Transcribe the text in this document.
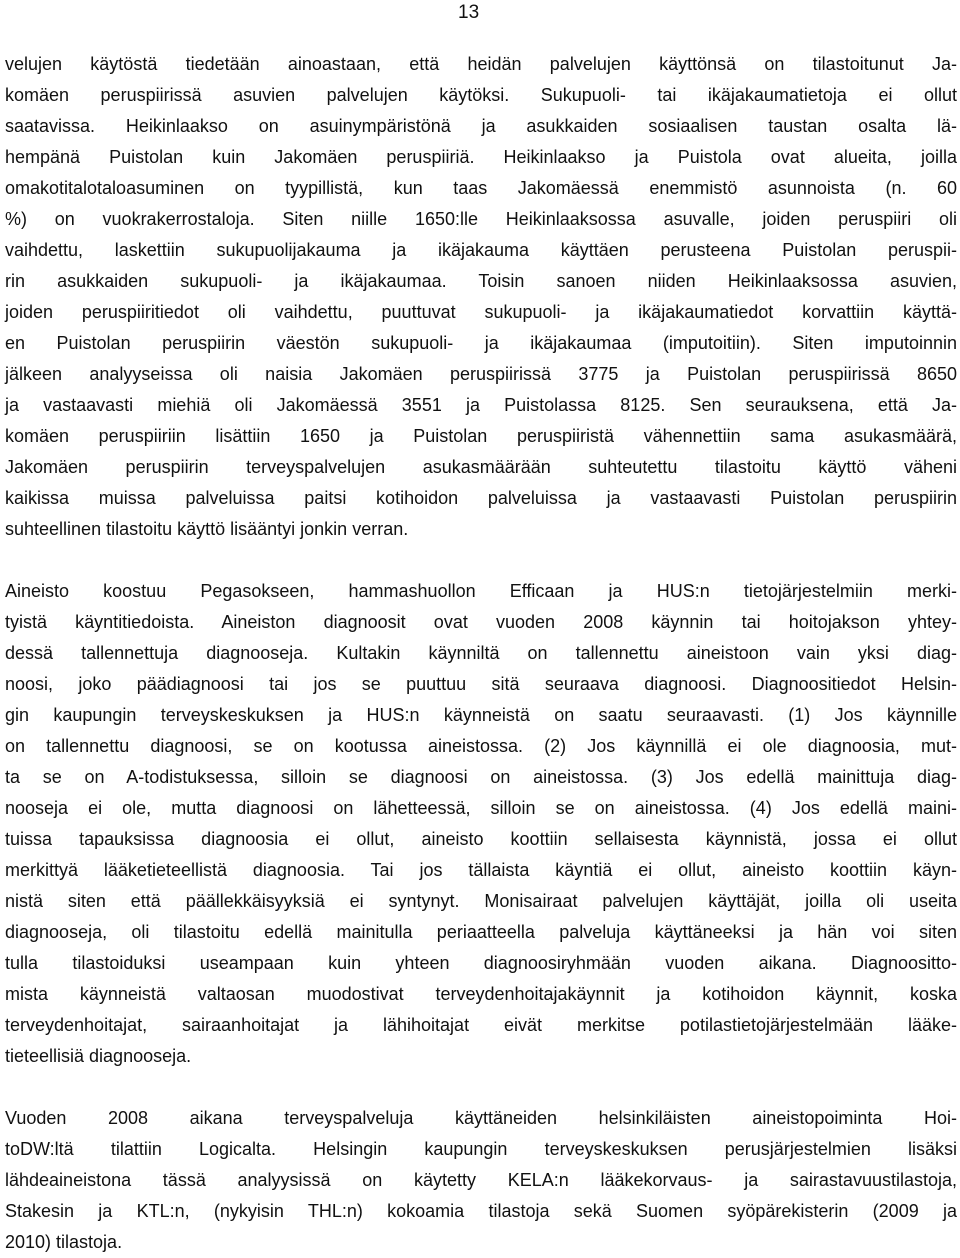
13
velujen käytöstä tiedetään ainoastaan, että heidän palvelujen käyttönsä on tilastoitunut Ja-
komäen peruspiirissä asuvien palvelujen käytöksi. Sukupuoli- tai ikäjakaumatietoja ei ollut
saatavissa. Heikinlaakso on asuinympäristönä ja asukkaiden sosiaalisen taustan osalta lä-
hempänä Puistolan kuin Jakomäen peruspiiriä. Heikinlaakso ja Puistola ovat alueita, joilla
omakotitalotaloasuminen on tyypillistä, kun taas Jakomäessä enemmistö asunnoista (n. 60
%) on vuokrakerrostaloja. Siten niille 1650:lle Heikinlaaksossa asuvalle, joiden peruspiiri oli
vaihdettu, laskettiin sukupuolijakauma ja ikäjakauma käyttäen perusteena Puistolan peruspii-
rin asukkaiden sukupuoli- ja ikäjakaumaa. Toisin sanoen niiden Heikinlaaksossa asuvien,
joiden peruspiiritiedot oli vaihdettu, puuttuvat sukupuoli- ja ikäjakaumatiedot korvattiin käyttä-
en Puistolan peruspiirin väestön sukupuoli- ja ikäjakaumaa (imputoitiin). Siten imputoinnin
jälkeen analyyseissa oli naisia Jakomäen peruspiirissä 3775 ja Puistolan peruspiirissä 8650
ja vastaavasti miehiä oli Jakomäessä 3551 ja Puistolassa 8125. Sen seurauksena, että Ja-
komäen peruspiiriin lisättiin 1650 ja Puistolan peruspiiristä vähennettiin sama asukasmäärä,
Jakomäen peruspiirin terveyspalvelujen asukasmäärään suhteutettu tilastoitu käyttö väheni
kaikissa muissa palveluissa paitsi kotihoidon palveluissa ja vastaavasti Puistolan peruspiirin
suhteellinen tilastoitu käyttö lisääntyi jonkin verran.
Aineisto koostuu Pegasokseen, hammashuollon Efficaan ja HUS:n tietojärjestelmiin merki-
tyistä käyntitiedoista. Aineiston diagnoosit ovat vuoden 2008 käynnin tai hoitojakson yhtey-
dessä tallennettuja diagnooseja. Kultakin käynniltä on tallennettu aineistoon vain yksi diag-
noosi, joko päädiagnoosi tai jos se puuttuu sitä seuraava diagnoosi. Diagnoositiedot Helsin-
gin kaupungin terveyskeskuksen ja HUS:n käynneistä on saatu seuraavasti. (1) Jos käynnille
on tallennettu diagnoosi, se on kootussa aineistossa. (2) Jos käynnillä ei ole diagnoosia, mut-
ta se on A-todistuksessa, silloin se diagnoosi on aineistossa. (3) Jos edellä mainittuja diag-
nooseja ei ole, mutta diagnoosi on lähetteessä, silloin se on aineistossa. (4) Jos edellä maini-
tuissa tapauksissa diagnoosia ei ollut, aineisto koottiin sellaisesta käynnistä, jossa ei ollut
merkittyä lääketieteellistä diagnoosia. Tai jos tällaista käyntiä ei ollut, aineisto koottiin käyn-
nistä siten että päällekkäisyyksiä ei syntynyt. Monisairaat palvelujen käyttäjät, joilla oli useita
diagnooseja, oli tilastoitu edellä mainitulla periaatteella palveluja käyttäneeksi ja hän voi siten
tulla tilastoiduksi useampaan kuin yhteen diagnoosiryhmään vuoden aikana. Diagnoosittо-
mista käynneistä valtaosan muodostivat terveydenhoitajakäynnit ja kotihoidon käynnit, koska
terveydenhoitajat, sairaanhoitajat ja lähihoitajat eivät merkitse potilastietojärjestelmään lääke-
tieteellisiä diagnooseja.
Vuoden 2008 aikana terveyspalveluja käyttäneiden helsinkiläisten aineistopoiminta Hoi-
toDW:ltä tilattiin Logicalta. Helsingin kaupungin terveyskeskuksen perusjärjestelmien lisäksi
lähdeaineistona tässä analyysissä on käytetty KELA:n lääkekorvaus- ja sairastavuustilastoja,
Stakesin ja KTL:n, (nykyisin THL:n) kokoamia tilastoja sekä Suomen syöpärekisterin (2009 ja
2010) tilastoja.
